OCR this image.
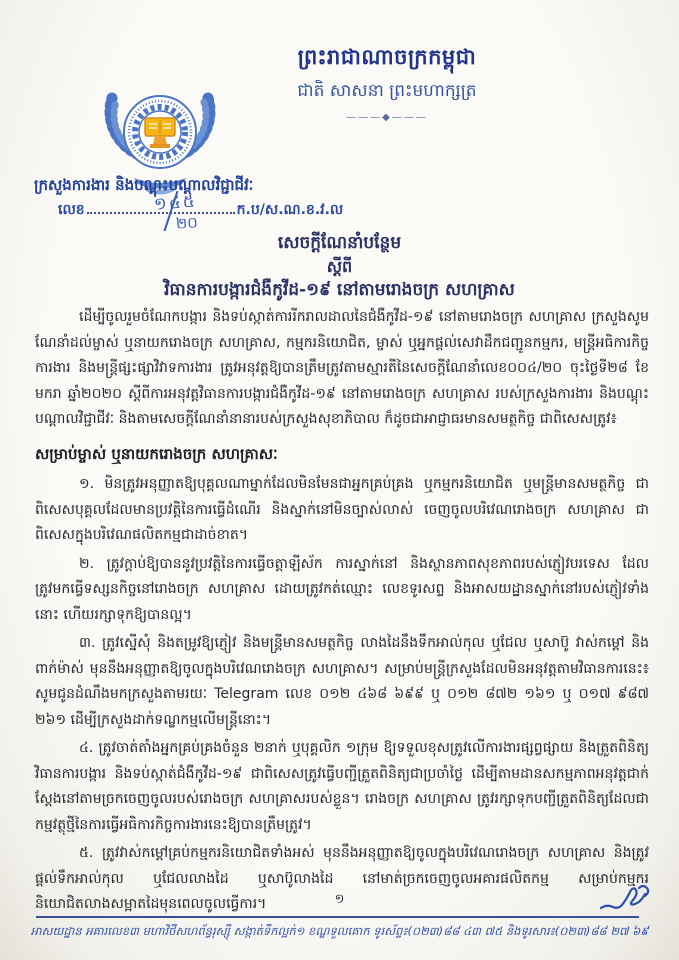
ព្រះរាជាណាចក្រកម្ពុជា
ជាតិ សាសនា ព្រះមហាក្សត្រ
———◆———
ក្រសួងការងារ និងបណ្តុះបណ្តាលវិជ្ជាជីវៈ
លេខ	ក.ប/ស.ណ.ខ.វ.ល
១៤៥
២០
សេចក្តីណែនាំបន្ថែម
ស្តីពី
វិធានការបង្ការជំងឺកូវីដ-១៩ នៅតាមរោងចក្រ សហគ្រាស

ដើម្បីចូលរួមចំណែកបង្ការ និងទប់ស្កាត់ការរីករាលដាលនៃជំងឺកូវីដ-១៩ នៅតាមរោងចក្រ សហគ្រាស ក្រសួងសូមណែនាំដល់ម្ចាស់ ឬនាយករោងចក្រ សហគ្រាស, កម្មករនិយោជិត, ម្ចាស់ ឬអ្នកផ្តល់សេវាដឹកជញ្ជូនកម្មករ, មន្ត្រីអធិការកិច្ចការងារ និងមន្ត្រីផ្សះផ្សាវិវាទការងារ ត្រូវអនុវត្តឱ្យបានត្រឹមត្រូវតាមស្មារតីនៃសេចក្តីណែនាំលេខ០០៤/២០ ចុះថ្ងៃទី២៨ ខែមករា ឆ្នាំ២០២០ ស្តីពីការអនុវត្តវិធានការបង្ការជំងឺកូវីដ-១៩ នៅតាមរោងចក្រ សហគ្រាស របស់ក្រសួងការងារ និងបណ្តុះបណ្តាលវិជ្ជាជីវៈ និងតាមសេចក្តីណែនាំនានារបស់ក្រសួងសុខាភិបាល ក៏ដូចជាអាជ្ញាធរមានសមត្ថកិច្ច ជាពិសេសត្រូវ៖

សម្រាប់ម្ចាស់ ឬនាយករោងចក្រ សហគ្រាសៈ

១. មិនត្រូវអនុញ្ញាតឱ្យបុគ្គលណាម្នាក់ដែលមិនមែនជាអ្នកគ្រប់គ្រង ឬកម្មករនិយោជិត ឬមន្ត្រីមានសមត្ថកិច្ច ជាពិសេសបុគ្គលដែលមានប្រវត្តិនៃការធ្វើដំណើរ និងស្នាក់នៅមិនច្បាស់លាស់ ចេញចូលបរិវេណរោងចក្រ សហគ្រាស ជាពិសេសក្នុងបរិវេណផលិតកម្មជាដាច់ខាត។

២. ត្រូវក្តាប់ឱ្យបាននូវប្រវត្តិនៃការធ្វើចត្តាឡីស័ក ការស្នាក់នៅ និងស្ថានភាពសុខភាពរបស់ភ្ញៀវបរទេស ដែលត្រូវមកធ្វើទស្សនកិច្ចនៅរោងចក្រ សហគ្រាស ដោយត្រូវកត់ឈ្មោះ លេខទូរសព្ទ និងអាសយដ្ឋានស្នាក់នៅរបស់ភ្ញៀវទាំងនោះ ហើយរក្សាទុកឱ្យបានល្អ។

៣. ត្រូវស្នើសុំ និងតម្រូវឱ្យភ្ញៀវ និងមន្ត្រីមានសមត្ថកិច្ច លាងដៃនឹងទឹកអាល់កុល ឬជែល ឬសាប៊ូ វាស់កម្តៅ និងពាក់ម៉ាស់ មុននឹងអនុញ្ញាតឱ្យចូលក្នុងបរិវេណរោងចក្រ សហគ្រាស។ សម្រាប់មន្ត្រីក្រសួងដែលមិនអនុវត្តតាមវិធានការនេះ៖ សូមជូនដំណឹងមកក្រសួងតាមរយៈ Telegram លេខ ០១២ ៤៦៨ ៦៩៩ ឬ ០១២ ៨៧២ ១៦១ ឬ ០១៧ ៩៨៧ ២៦១ ដើម្បីក្រសួងដាក់ទណ្ឌកម្មលើមន្ត្រីនោះ។

៤. ត្រូវចាត់តាំងអ្នកគ្រប់គ្រងចំនួន ២នាក់ ឬបុគ្គលិក ១ក្រុម ឱ្យទទួលខុសត្រូវលើការងារផ្សព្វផ្សាយ និងត្រួតពិនិត្យវិធានការបង្ការ និងទប់ស្កាត់ជំងឺកូវីដ-១៩ ជាពិសេសត្រូវធ្វើបញ្ជីត្រួតពិនិត្យជាប្រចាំថ្ងៃ ដើម្បីតាមដានសកម្មភាពអនុវត្តជាក់ស្តែងនៅតាមច្រកចេញចូលរបស់រោងចក្រ សហគ្រាសរបស់ខ្លួន។ រោងចក្រ សហគ្រាស ត្រូវរក្សាទុកបញ្ជីត្រួតពិនិត្យដែលជាកម្មវត្ថុថ្មីនៃការធ្វើអធិការកិច្ចការងារនេះឱ្យបានត្រឹមត្រូវ។

៥. ត្រូវវាស់កម្តៅគ្រប់កម្មករនិយោជិតទាំងអស់ មុននឹងអនុញ្ញាតឱ្យចូលក្នុងបរិវេណរោងចក្រ សហគ្រាស និងត្រូវផ្តល់ទឹកអាល់កុល ឬជែលលាងដៃ ឬសាប៊ូលាងដៃ នៅមាត់ច្រកចេញចូលអគារផលិតកម្ម សម្រាប់កម្មករនិយោជិតលាងសម្អាតដៃមុនពេលចូលធ្វើការ។	១
អាសយដ្ឋាន អគារលេខ៣ មហាវិថីសហព័ន្ធរុស្ស៊ី សង្កាត់ទឹកល្អក់១ ខណ្ឌទួលគោក ទូរស័ព្ទ៖(០២៣)៨៨ ៤៣ ៧៥ និងទូរសារ៖(០២៣)៨៨ ២៧ ៦៩
